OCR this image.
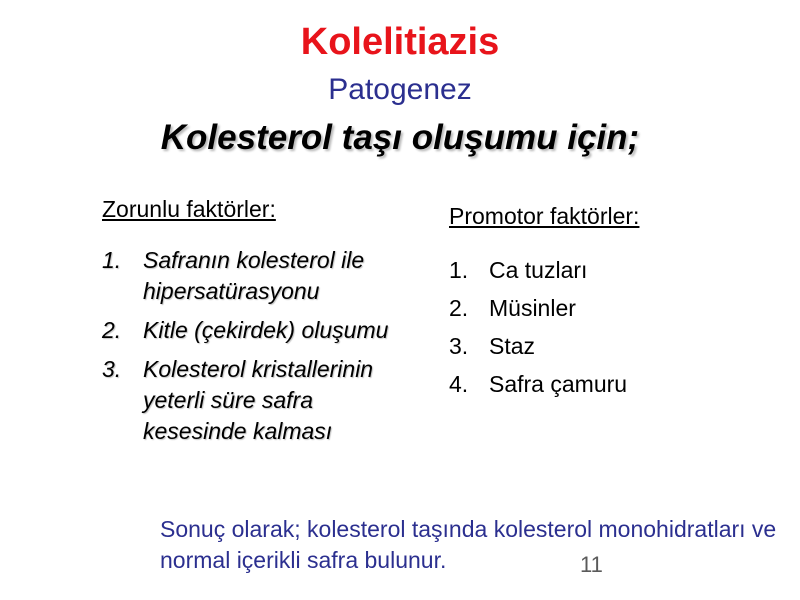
Kolelitiazis
Patogenez
Kolesterol taşı oluşumu için;
Zorunlu faktörler:
1. Safranın kolesterol ile hipersatürasyonu
2. Kitle (çekirdek) oluşumu
3. Kolesterol kristallerinin yeterli süre safra kesesinde kalması
Promotor faktörler:
1. Ca tuzları
2. Müsinler
3. Staz
4. Safra çamuru
Sonuç olarak; kolesterol taşında kolesterol monohidratları ve normal içerikli safra bulunur.	11
